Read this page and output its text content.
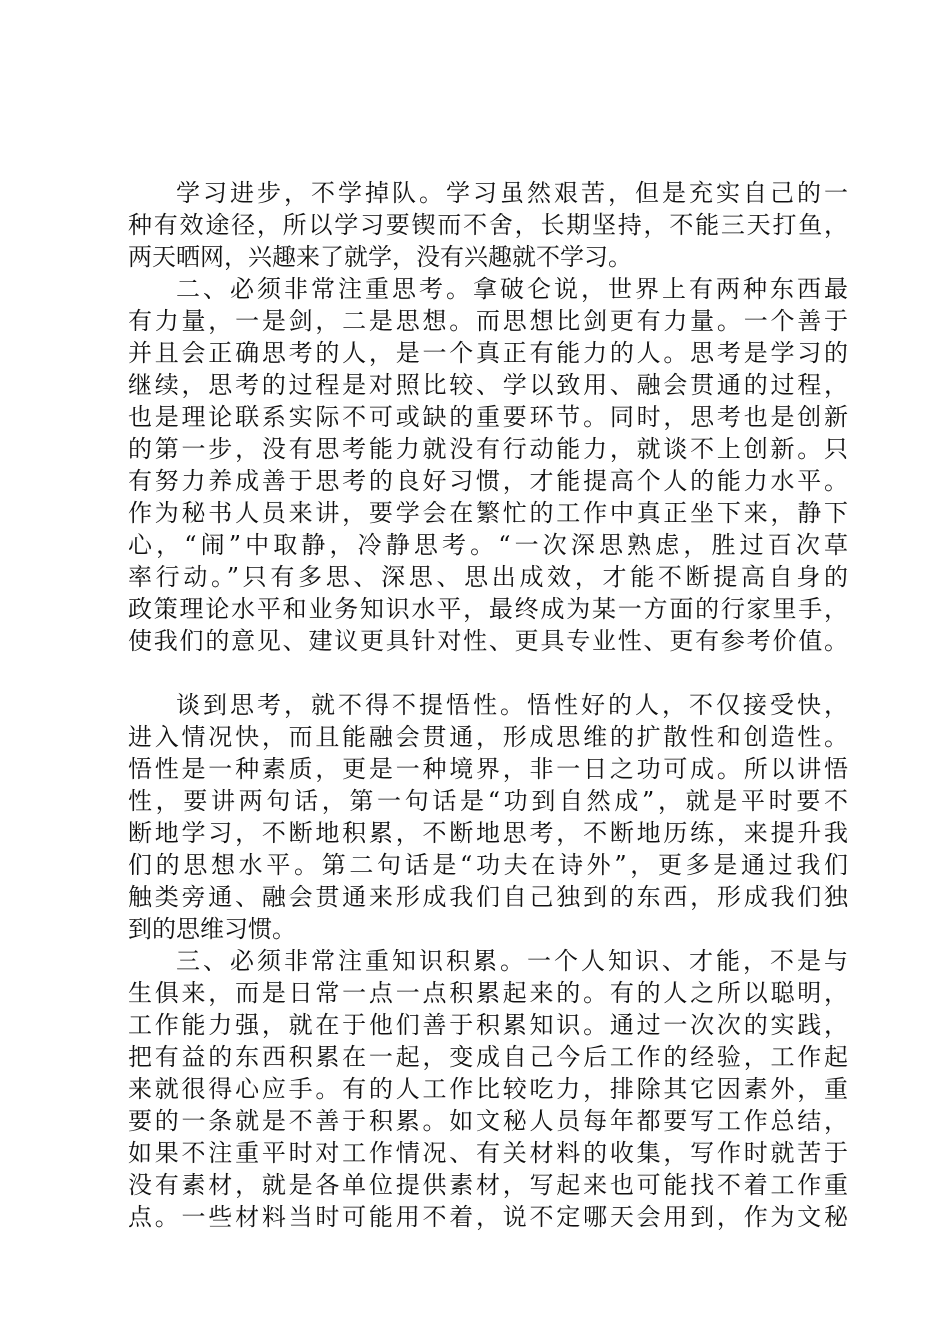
学习进步，不学掉队。学习虽然艰苦，但是充实自己的一

种有效途径，所以学习要锲而不舍，长期坚持，不能三天打鱼，

两天晒网，兴趣来了就学，没有兴趣就不学习。

二、必须非常注重思考。拿破仑说，世界上有两种东西最

有力量，一是剑，二是思想。而思想比剑更有力量。一个善于

并且会正确思考的人，是一个真正有能力的人。思考是学习的

继续，思考的过程是对照比较、学以致用、融会贯通的过程，

也是理论联系实际不可或缺的重要环节。同时，思考也是创新

的第一步，没有思考能力就没有行动能力，就谈不上创新。只

有努力养成善于思考的良好习惯，才能提高个人的能力水平。

作为秘书人员来讲，要学会在繁忙的工作中真正坐下来，静下

心，“闹”中取静，冷静思考。“一次深思熟虑，胜过百次草

率行动。”只有多思、深思、思出成效，才能不断提高自身的

政策理论水平和业务知识水平，最终成为某一方面的行家里手，

使我们的意见、建议更具针对性、更具专业性、更有参考价值。

谈到思考，就不得不提悟性。悟性好的人，不仅接受快，

进入情况快，而且能融会贯通，形成思维的扩散性和创造性。

悟性是一种素质，更是一种境界，非一日之功可成。所以讲悟

性，要讲两句话，第一句话是“功到自然成”，就是平时要不

断地学习，不断地积累，不断地思考，不断地历练，来提升我

们的思想水平。第二句话是“功夫在诗外”，更多是通过我们

触类旁通、融会贯通来形成我们自己独到的东西，形成我们独

到的思维习惯。

三、必须非常注重知识积累。一个人知识、才能，不是与

生俱来，而是日常一点一点积累起来的。有的人之所以聪明，

工作能力强，就在于他们善于积累知识。通过一次次的实践，

把有益的东西积累在一起，变成自己今后工作的经验，工作起

来就很得心应手。有的人工作比较吃力，排除其它因素外，重

要的一条就是不善于积累。如文秘人员每年都要写工作总结，

如果不注重平时对工作情况、有关材料的收集，写作时就苦于

没有素材，就是各单位提供素材，写起来也可能找不着工作重

点。一些材料当时可能用不着，说不定哪天会用到，作为文秘
